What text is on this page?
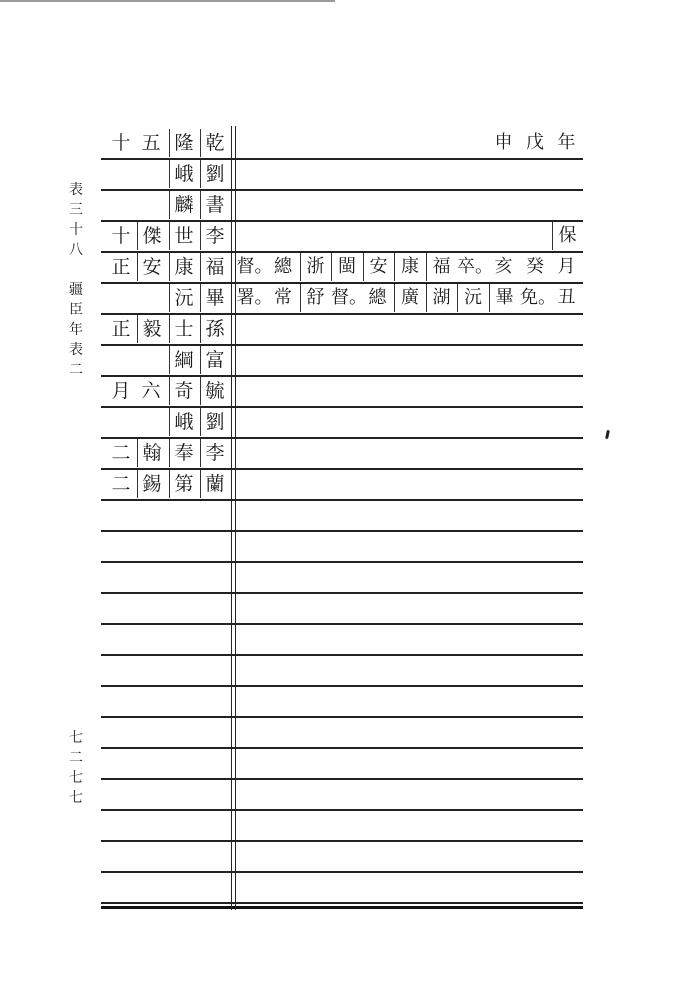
表
三
十
八

疆
臣
年
表
二
七
二
七
七
十 五 隆 乾	申 戊 年
峨 劉
麟 書
十 傑 世 李	保
正 安 康 福 督。 總 浙 閩 安 康 福 卒。 亥 癸 月
沅 畢 署。 常 舒 督。 總 廣 湖 沅 畢 免。 丑
正 毅 士 孫
綱 富
月 六 奇 毓
峨 劉
二 翰 奉 李
二 錫 第 蘭
